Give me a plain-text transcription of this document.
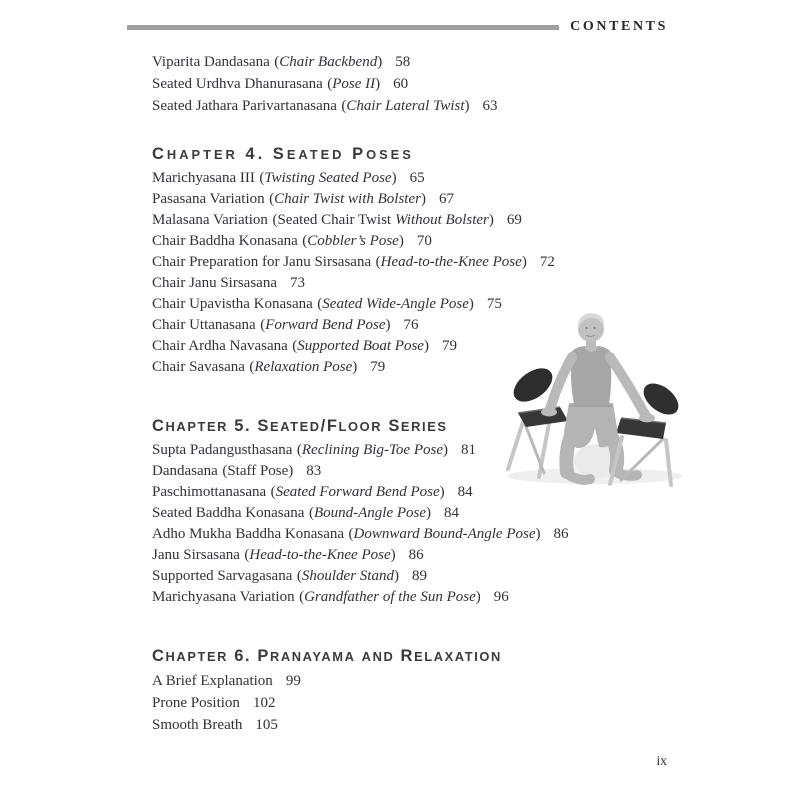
CONTENTS
Viparita Dandasana (Chair Backbend) 58
Seated Urdhva Dhanurasana (Pose II) 60
Seated Jathara Parivartanasana (Chair Lateral Twist) 63
CHAPTER 4. SEATED POSES
Marichyasana III (Twisting Seated Pose) 65
Pasasana Variation (Chair Twist with Bolster) 67
Malasana Variation (Seated Chair Twist Without Bolster) 69
Chair Baddha Konasana (Cobbler’s Pose) 70
Chair Preparation for Janu Sirsasana (Head-to-the-Knee Pose) 72
Chair Janu Sirsasana 73
Chair Upavistha Konasana (Seated Wide-Angle Pose) 75
Chair Uttanasana (Forward Bend Pose) 76
Chair Ardha Navasana (Supported Boat Pose) 79
Chair Savasana (Relaxation Pose) 79
CHAPTER 5. SEATED/FLOOR SERIES
Supta Padangusthasana (Reclining Big-Toe Pose) 81
Dandasana (Staff Pose) 83
Paschimottanasana (Seated Forward Bend Pose) 84
Seated Baddha Konasana (Bound-Angle Pose) 84
Adho Mukha Baddha Konasana (Downward Bound-Angle Pose) 86
Janu Sirsasana (Head-to-the-Knee Pose) 86
Supported Sarvagasana (Shoulder Stand) 89
Marichyasana Variation (Grandfather of the Sun Pose) 96
CHAPTER 6. PRANAYAMA AND RELAXATION
A Brief Explanation 99
Prone Position 102
Smooth Breath 105
ix
